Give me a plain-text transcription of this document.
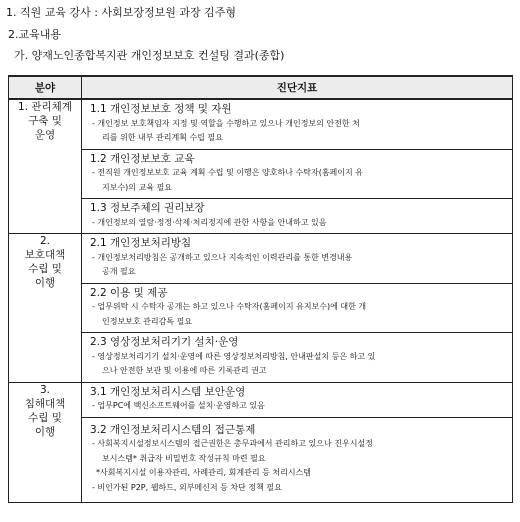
1. 직원 교육 강사 : 사회보장정보원 과장 김주형
2.교육내용
가. 양재노인종합복지관 개인정보보호 컨설팅 결과(종합)
분야	진단지표

1. 관리체계
구축 및
운영	1.1 개인정보보호 정책 및 자원
- 개인정보 보호책임자 지정 및 역할을 수행하고 있으나 개인정보의 안전한 처
리를 위한 내부 관리계획 수립 필요

	1.2 개인정보보호 교육
- 전직원 개인정보보호 교육 계획 수립 및 이행은 양호하나 수탁자(홈페이지 유
지보수)의 교육 필요

	1.3 정보주체의 권리보장
- 개인정보의 열람·정정·삭제·처리정지에 관한 사항을 안내하고 있음

2.
보호대책
수립 및
이행	2.1 개인정보처리방침
- 개인정보처리방침은 공개하고 있으나 지속적인 이력관리를 통한 변경내용
공개 필요

	2.2 이용 및 제공
- 업무위탁 시 수탁자 공개는 하고 있으나 수탁자(홈페이지 유지보수)에 대한 개
인정보보호 관리감독 필요

	2.3 영상정보처리기기 설치·운영
- 영상정보처리기기 설치·운영에 따른 영상정보처리방침, 안내판설치 등은 하고 있
으나 안전한 보관 및 이용에 따른 기록관리 권고

3.
침해대책
수립 및
이행	3.1 개인정보처리시스템 보안운영
- 업무PC에 백신소프트웨어를 설치·운영하고 있음

	3.2 개인정보처리시스템의 접근통제
- 사회복지시설정보시스템의 접근권한은 총무과에서 관리하고 있으나 진우시설정
보시스템* 취급자 비밀번호 작성규칙 마련 필요
*사회복지시설 이용자관리, 사례관리, 회계관리 등 처리시스템
- 비인가된 P2P, 웹하드, 외부메신저 등 차단 정책 필요
